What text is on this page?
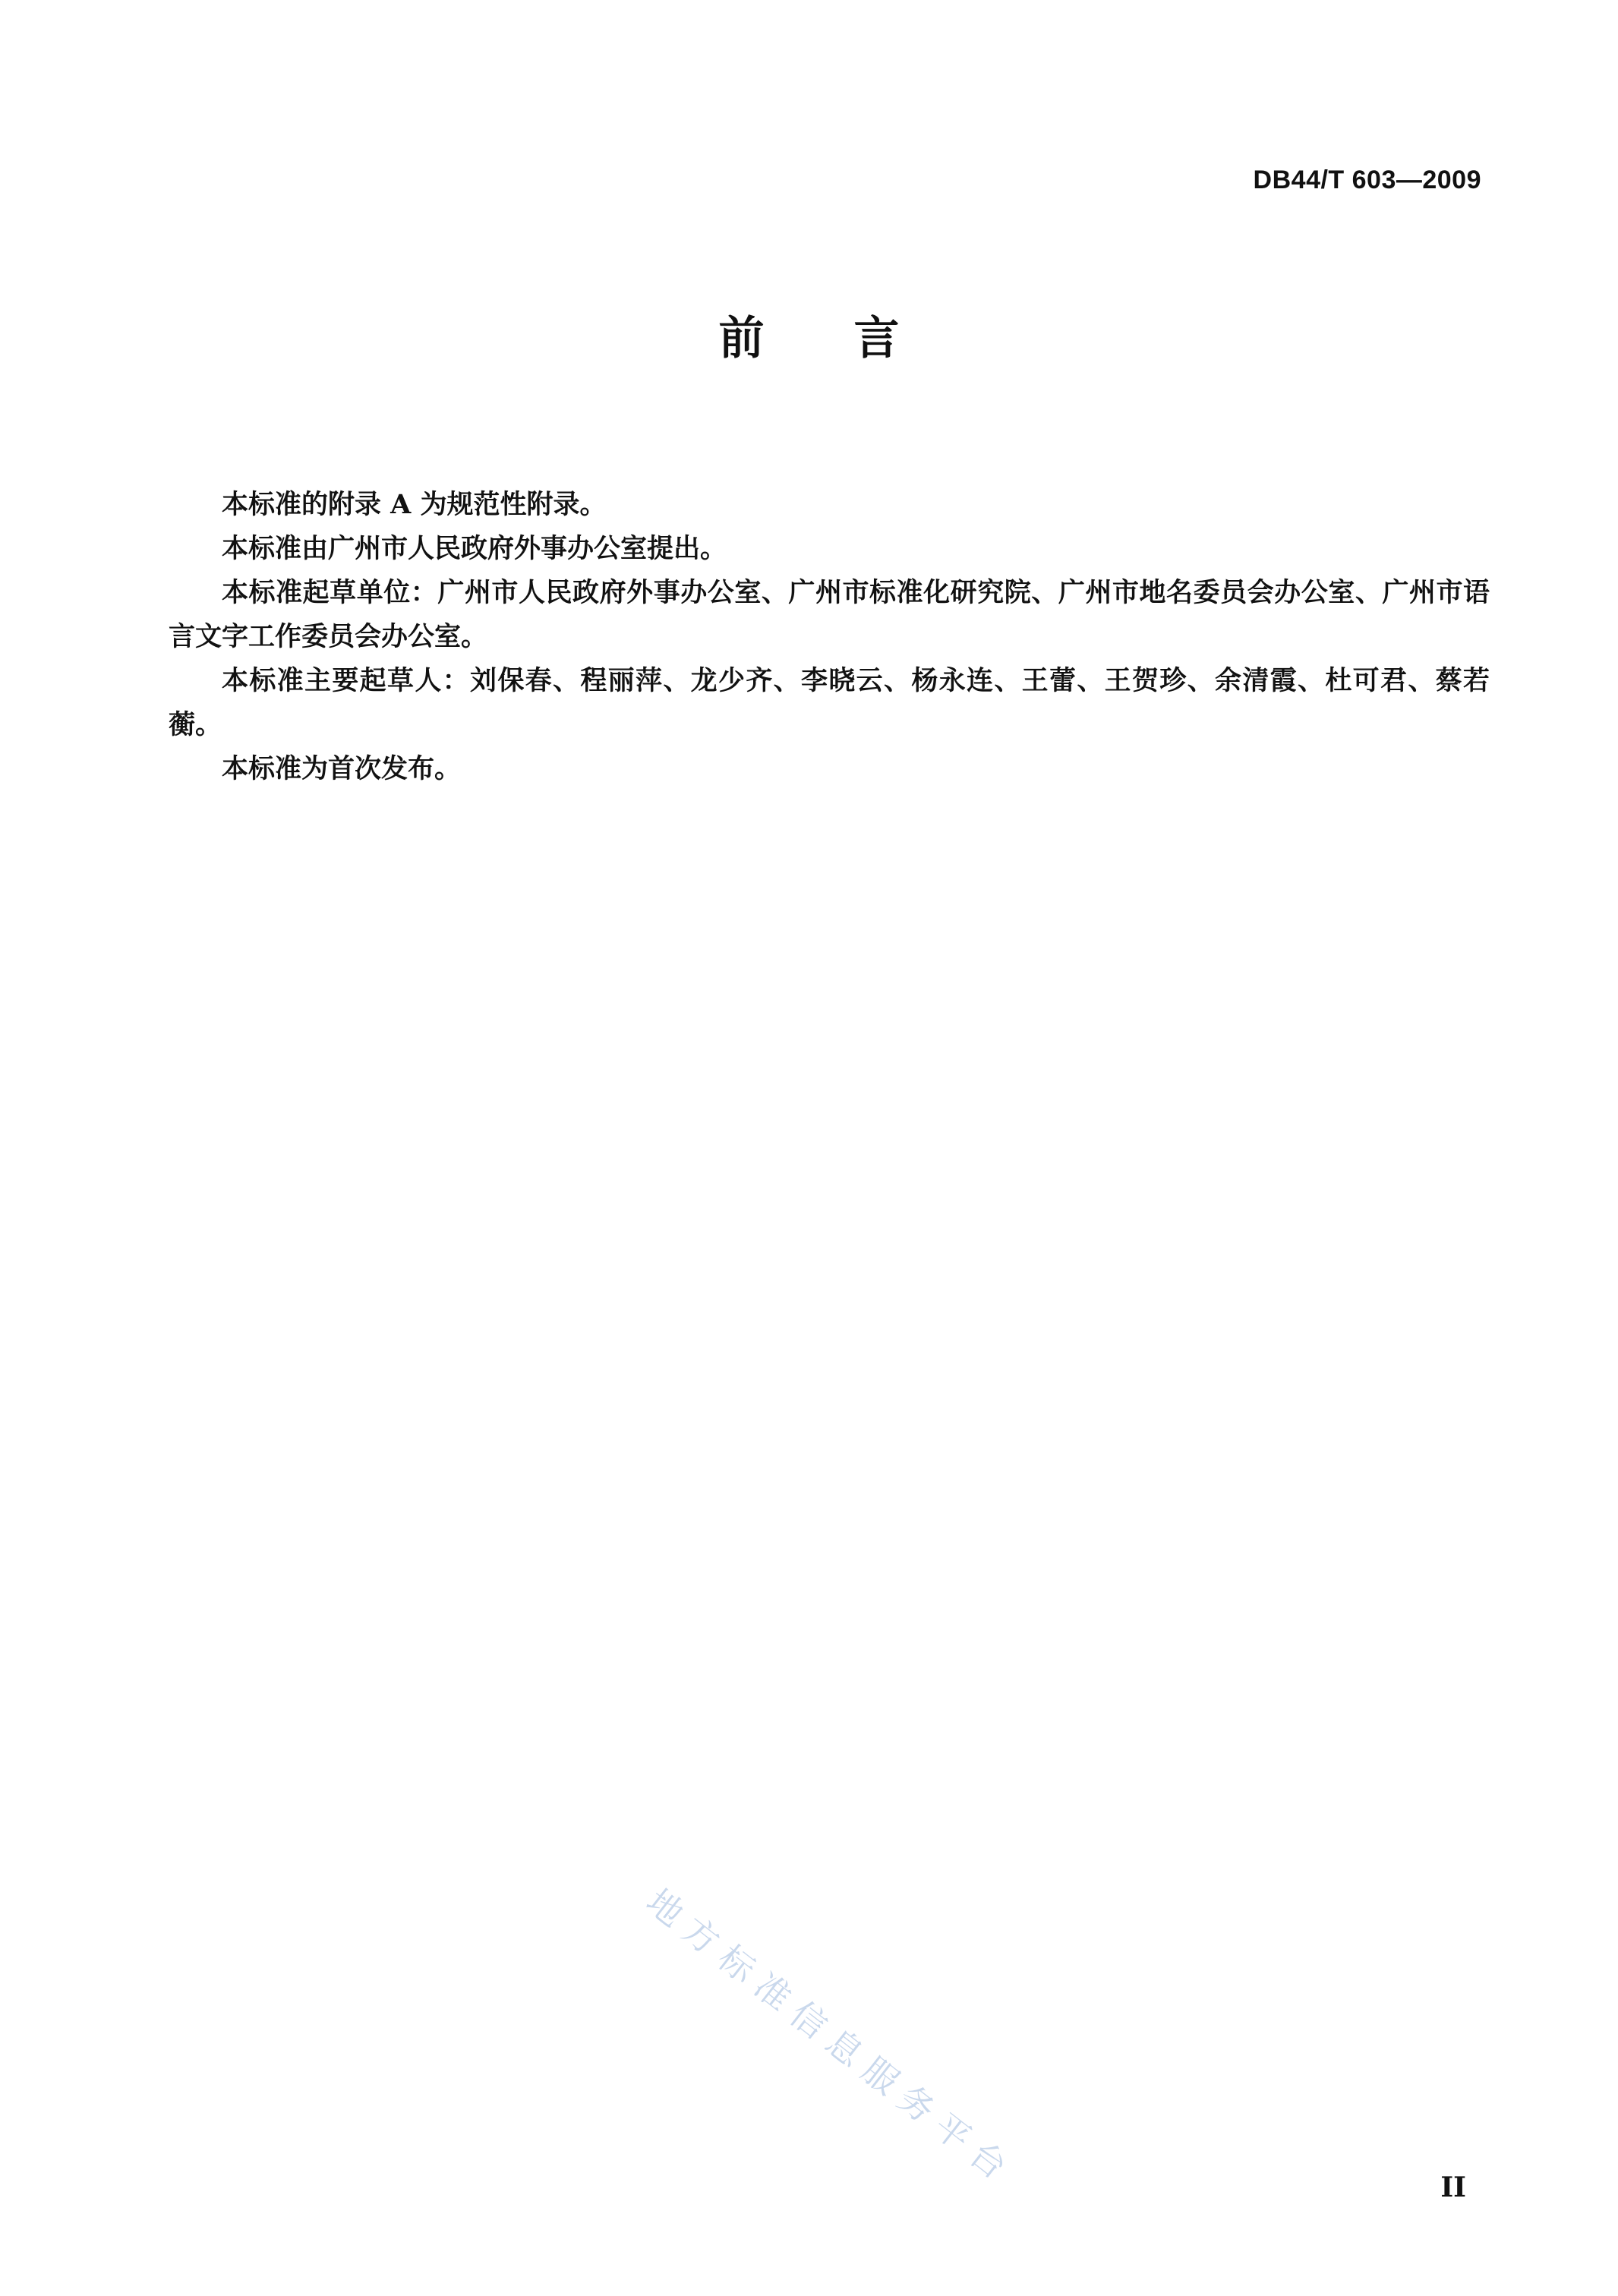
DB44/T 603—2009
前言

本标准的附录 A 为规范性附录。

本标准由广州市人民政府外事办公室提出。

本标准起草单位：广州市人民政府外事办公室、广州市标准化研究院、广州市地名委员会办公室、广州市语言文字工作委员会办公室。

本标准主要起草人：刘保春、程丽萍、龙少齐、李晓云、杨永连、王蕾、王贺珍、余清霞、杜可君、蔡若蘅。

本标准为首次发布。

地方标准信息服务平台	II
